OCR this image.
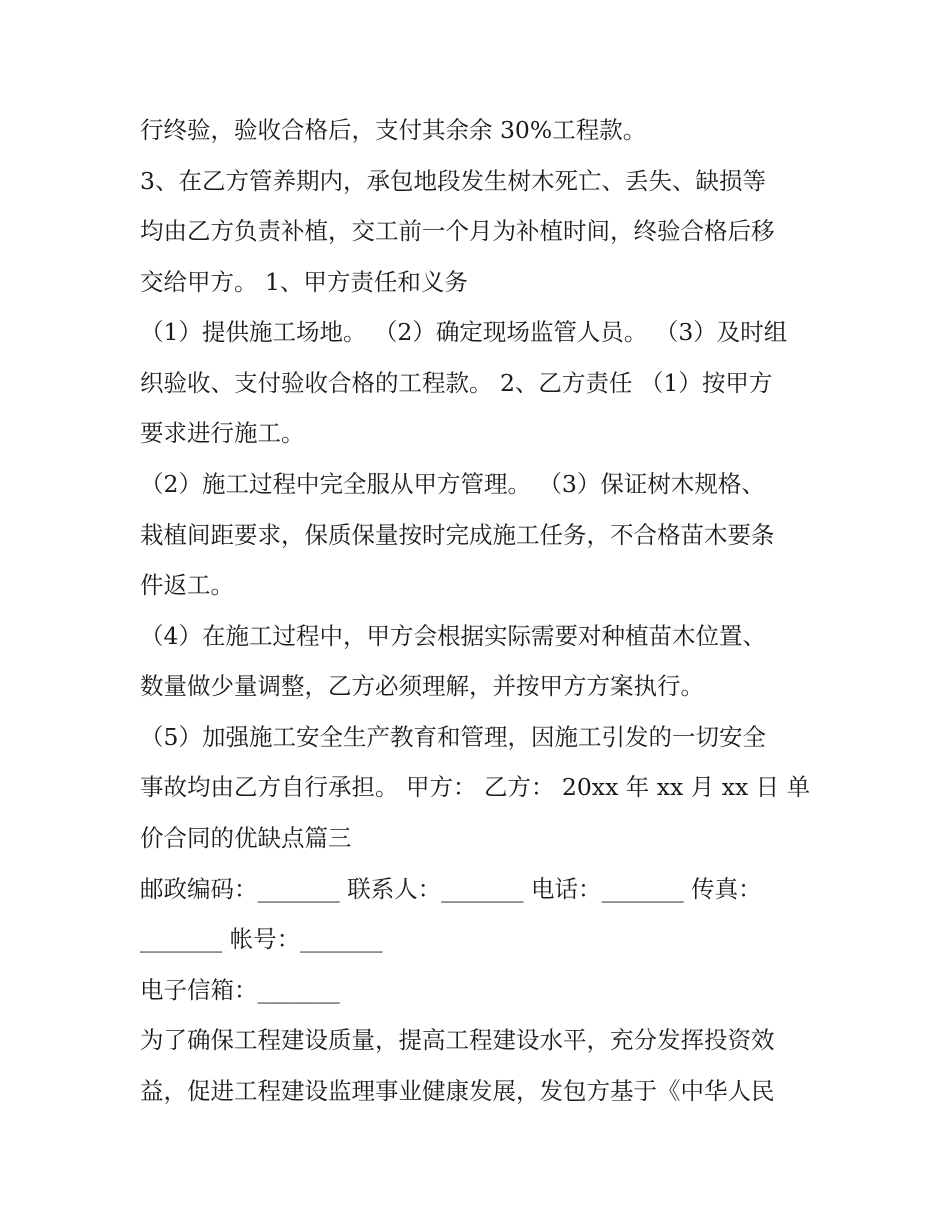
行终验，验收合格后，支付其余余 30%工程款。
3、在乙方管养期内，承包地段发生树木死亡、丢失、缺损等
均由乙方负责补植，交工前一个月为补植时间，终验合格后移
交给甲方。 1、甲方责任和义务
（1）提供施工场地。 （2）确定现场监管人员。 （3）及时组
织验收、支付验收合格的工程款。 2、乙方责任 （1）按甲方
要求进行施工。
（2）施工过程中完全服从甲方管理。 （3）保证树木规格、
栽植间距要求，保质保量按时完成施工任务，不合格苗木要条
件返工。
（4）在施工过程中，甲方会根据实际需要对种植苗木位置、
数量做少量调整，乙方必须理解，并按甲方方案执行。
（5）加强施工安全生产教育和管理，因施工引发的一切安全
事故均由乙方自行承担。 甲方： 乙方： 20xx 年 xx 月 xx 日 单
价合同的优缺点篇三
邮政编码：_______ 联系人：_______ 电话：_______ 传真：
_______ 帐号：_______
电子信箱：_______
为了确保工程建设质量，提高工程建设水平，充分发挥投资效
益，促进工程建设监理事业健康发展，发包方基于《中华人民
